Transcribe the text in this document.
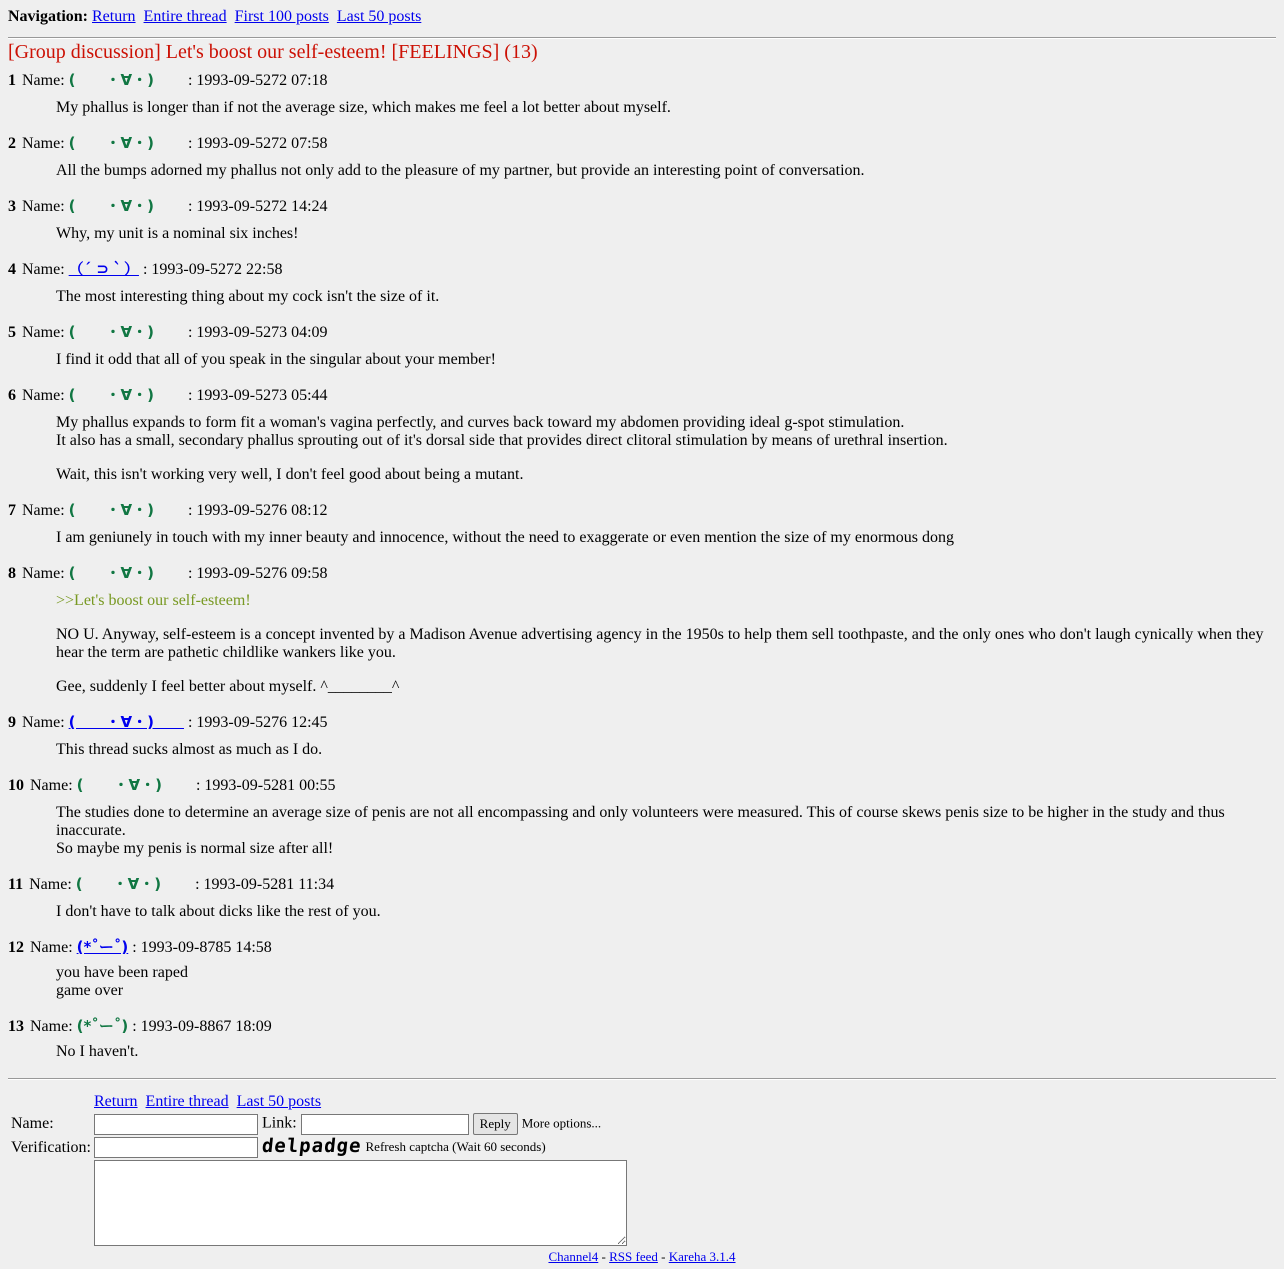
Navigation: Return Entire thread First 100 posts Last 50 posts
[Group discussion] Let's boost our self-esteem! [FEELINGS] (13)
1 Name: (　　・∀・)　　 : 1993-09-5272 07:18

My phallus is longer than if not the average size, which makes me feel a lot better about myself.

2 Name: (　　・∀・)　　 : 1993-09-5272 07:58

All the bumps adorned my phallus not only add to the pleasure of my partner, but provide an interesting point of conversation.

3 Name: (　　・∀・)　　 : 1993-09-5272 14:24

Why, my unit is a nominal six inches!

4 Name: （´ ⊃｀） : 1993-09-5272 22:58

The most interesting thing about my cock isn't the size of it.

5 Name: (　　・∀・)　　 : 1993-09-5273 04:09

I find it odd that all of you speak in the singular about your member!

6 Name: (　　・∀・)　　 : 1993-09-5273 05:44

My phallus expands to form fit a woman's vagina perfectly, and curves back toward my abdomen providing ideal g-spot stimulation.
It also has a small, secondary phallus sprouting out of it's dorsal side that provides direct clitoral stimulation by means of urethral insertion.

Wait, this isn't working very well, I don't feel good about being a mutant.

7 Name: (　　・∀・)　　 : 1993-09-5276 08:12

I am geniunely in touch with my inner beauty and innocence, without the need to exaggerate or even mention the size of my enormous dong

8 Name: (　　・∀・)　　 : 1993-09-5276 09:58

>>Let's boost our self-esteem!

NO U. Anyway, self-esteem is a concept invented by a Madison Avenue advertising agency in the 1950s to help them sell toothpaste, and the only ones who don't laugh cynically when they hear the term are pathetic childlike wankers like you.

Gee, suddenly I feel better about myself. ^________^

9 Name: (　　・∀・)　　 : 1993-09-5276 12:45

This thread sucks almost as much as I do.

10 Name: (　　・∀・)　　 : 1993-09-5281 00:55

The studies done to determine an average size of penis are not all encompassing and only volunteers were measured. This of course skews penis size to be higher in the study and thus inaccurate.
So maybe my penis is normal size after all!

11 Name: (　　・∀・)　　 : 1993-09-5281 11:34

I don't have to talk about dicks like the rest of you.

12 Name: (*˚ー˚) : 1993-09-8785 14:58

you have been raped
game over

13 Name: (*˚ー˚) : 1993-09-8867 18:09

No I haven't.

	Return Entire thread Last 50 posts
Name:	Link: Reply More options...
Verification:	delpadge Refresh captcha (Wait 60 seconds)

Channel4 - RSS feed - Kareha 3.1.4
